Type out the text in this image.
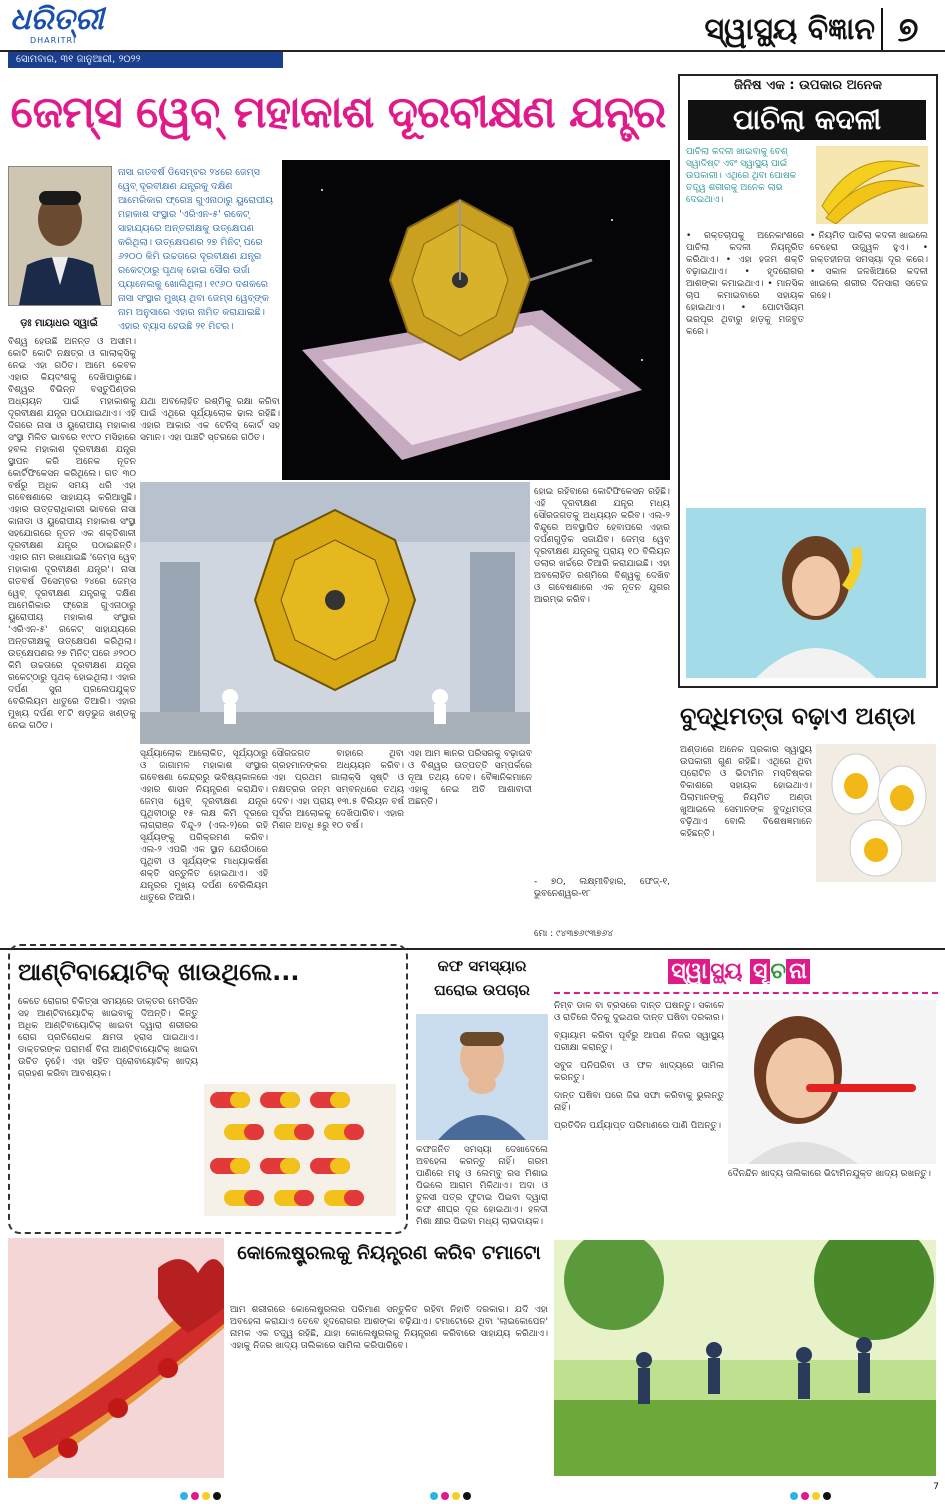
ଧରିତ୍ରୀ
DHARITRI	ସ୍ୱାସ୍ଥ୍ୟ ବିଜ୍ଞାନ ୭
ସୋମବାର, ୩୧ ଜାନୁଆରୀ, ୨୦୨୨
ଜେମ୍ସ ୱେବ୍ ମହାକାଶ ଦୂରବୀକ୍ଷଣ ଯନ୍ତ୍ର
ଡ଼ଃ ମାୟାଧର ସ୍ୱାଇଁ
ନାସା ଗତବର୍ଷ ଡିସେମ୍ବର ୨୪ରେ ଜେମ୍ସ ୱେବ୍ ଦୂରବୀକ୍ଷଣ ଯନ୍ତ୍ରକୁ ଦକ୍ଷିଣ ଆମେରିକାର ଫ୍ରେଞ୍ଚ ଗୁଏନାଠାରୁ ୟୁରୋପୀୟ ମହାକାଶ ସଂସ୍ଥାର 'ଏରିଏନ-୫' ରକେଟ୍ ସାହାଯ୍ୟରେ ଅନ୍ତରୀକ୍ଷକୁ ଉତ୍କ୍ଷେପଣ କରିଥିଲା। ଉତ୍କ୍ଷେପଣର ୨୭ ମିନିଟ୍ ପରେ ୬୨୦୦ କିମି ଉଚ୍ଚତାରେ ଦୂରବୀକ୍ଷଣ ଯନ୍ତ୍ର ରକେଟ୍‌ଠାରୁ ପୃଥକ୍ ହୋଇ ସୌର ଉର୍ଜା ପ୍ୟାନେଲକୁ ଖୋଲିଥିଲା। ୧୯୬୦ ଦଶକରେ ନାସା ସଂସ୍ଥାର ମୁଖ୍ୟ ଥିବା ଜେମ୍ସ ୱେବ୍‌ଙ୍କ ନାମ ଅନୁସାରେ ଏହାର ନାମିତ କରାଯାଇଛି। ଏହାର ବ୍ୟାସ ହେଉଛି ୨୧ ମିଟର।
ବିଶ୍ୱ ହେଉଛି ଅନନ୍ତ ଓ ଅସୀମ। କୋଟି କୋଟି ନକ୍ଷତ୍ର ଓ ଗାଲାକ୍ସିକୁ ନେଇ ଏହା ଗଠିତ। ଆମେ କେବଳ ଏହାର କିୟଦଂଶକୁ ଦେଖିପାରୁଛେ। ବିଶ୍ୱର ବିଭିନ୍ନ ବସ୍ତୁପିଣ୍ଡର ଅଧ୍ୟୟନ ପାଇଁ ମହାକାଶକୁ ଦୂରବୀକ୍ଷଣ ଯନ୍ତ୍ର ପଠାଯାଇଥାଏ। ଏହି ଦିଗରେ ନାସା ଓ ୟୁରୋପୀୟ ମହାକାଶ ସଂସ୍ଥା ମିଳିତ ଭାବରେ ୧୯୯୦ ମସିହାରେ ହବଲ ମହାକାଶ ଦୂରବୀକ୍ଷଣ ଯନ୍ତ୍ର ସ୍ଥାପନ କରି ଅନେକ ନୂତନ କୋର୍ଟିଫିକେସନ କରିଥିଲେ। ଗତ ୩୦ ବର୍ଷରୁ ଅଧିକ ସମୟ ଧରି ଏହା ଗବେଷଣାରେ ସାହାଯ୍ୟ କରିଆସୁଛି। ଏହାର ଉତ୍ତରାଧିକାରୀ ଭାବରେ ନାସା କାନାଡା ଓ ୟୁରୋପୀୟ ମହାକାଶ ସଂସ୍ଥା ସହଯୋଗରେ ନୂତନ ଏକ ଶକ୍ତିଶାଳୀ ଦୂରବୀକ୍ଷଣ ଯନ୍ତ୍ର ପଠାଇଛନ୍ତି। ଏହାର ନାମ ରଖାଯାଇଛି 'ଜେମ୍ସ ୱେବ୍ ମହାକାଶ ଦୂରବୀକ୍ଷଣ ଯନ୍ତ୍ର'। ନାସା ଗତବର୍ଷ ଡିସେମ୍ବର ୨୪ରେ ଜେମ୍ସ ୱେବ୍ ଦୂରବୀକ୍ଷଣ ଯନ୍ତ୍ରକୁ ଦକ୍ଷିଣ ଆମେରିକାର ଫ୍ରେଞ୍ଚ ଗୁଏନାଠାରୁ ୟୁରୋପୀୟ ମହାକାଶ ସଂସ୍ଥାର 'ଏରିଏନ-୫' ରକେଟ୍ ସାହାଯ୍ୟରେ ଅନ୍ତରୀକ୍ଷକୁ ଉତ୍କ୍ଷେପଣ କରିଥିଲା। ଉତ୍କ୍ଷେପଣର ୨୭ ମିନିଟ୍ ପରେ ୬୨୦୦ କିମି ଉଚ୍ଚତାରେ ଦୂରବୀକ୍ଷଣ ଯନ୍ତ୍ର ରକେଟ୍‌ଠାରୁ ପୃଥକ୍ ହୋଇଥିଲା। ଏହାର ଦର୍ପଣ ସୁନା ପ୍ରଲେପଯୁକ୍ତ ବେରିଲିୟମ ଧାତୁରେ ତିଆରି। ଏହାର ମୁଖ୍ୟ ଦର୍ପଣ ୧୮ଟି ଷଡ଼ଭୁଜ ଖଣ୍ଡକୁ ନେଇ ଗଠିତ।
ଯଥା ଅବଲୋହିତ ରଶ୍ମିକୁ ରକ୍ଷା କରିବା ପାଇଁ ଏଥିରେ ସୂର୍ଯ୍ୟାଲୋକ ଢାଲ ରହିଛି। ଏହାର ଆକାର ଏକ ଟେନିସ୍ କୋର୍ଟ ସହ ସମାନ। ଏହା ପାଞ୍ଚଟି ସ୍ତରରେ ଗଠିତ।
ସୂର୍ଯ୍ୟାଲୋକ ଆଲୋକିତ, ସୂର୍ଯ୍ୟଠାରୁ ଓ ଜାଗାମଳ ମହାକାଶ ସଂସ୍ଥାର ଗବେଷଣା କେନ୍ଦ୍ରରୁ ଭବିଷ୍ୟକାଳରେ ଏହାର ଶାସନ ନିୟନ୍ତ୍ରଣ କରାଯିବ। ଜେମ୍ସ ୱେବ୍ ଦୂରବୀକ୍ଷଣ ଯନ୍ତ୍ର ପୃଥିବୀଠାରୁ ୧୫ ଲକ୍ଷ କିମି ଦୂରରେ ଲାଗ୍ରାଞ୍ଜ ବିନ୍ଦୁ-୨ (ଏଲ-୨)ରେ ରହି ସୂର୍ଯ୍ୟଙ୍କୁ ପରିକ୍ରମଣ କରିବ। ଏଲ-୨ ଏପରି ଏକ ସ୍ଥାନ ଯେଉଁଠାରେ ପୃଥିବୀ ଓ ସୂର୍ଯ୍ୟଙ୍କ ମାଧ୍ୟାକର୍ଷଣ ଶକ୍ତି ସନ୍ତୁଳିତ ହୋଇଥାଏ। ଏହି ଯନ୍ତ୍ରର ମୁଖ୍ୟ ଦର୍ପଣ ବେରିଲିୟମ ଧାତୁରେ ତିଆରି।
ସୌରଜଗତ ବାହାରେ ଥିବା ଗ୍ରହମାନଙ୍କର ଅଧ୍ୟୟନ କରିବ। ଏହା ପ୍ରଥମ ଗାଲାକ୍ସି ସୃଷ୍ଟି ଓ ନକ୍ଷତ୍ରର ଜନ୍ମ ସମ୍ବନ୍ଧରେ ତଥ୍ୟ ଦେବ। ଏହା ପ୍ରାୟ ୧୩.୫ ବିଲିୟନ ବର୍ଷ ପୂର୍ବର ଆଲୋକକୁ ଦେଖିପାରିବ। ଏହାର ମିଶନ ଅବଧି ୫ରୁ ୧୦ ବର୍ଷ।
ଏହା ଆମ ଜ୍ଞାନର ପରିସରକୁ ବଢ଼ାଇବ ଓ ବିଶ୍ୱର ଉତ୍ପତ୍ତି ସମ୍ପର୍କରେ ନୂଆ ତଥ୍ୟ ଦେବ। ବୈଜ୍ଞାନିକମାନେ ଏହାକୁ ନେଇ ଅତି ଆଶାବାଦୀ ଅଛନ୍ତି।
ହୋଇ ରହିବାରେ କୋଟିଫିକେସନ ରହିଛି। ଏହି ଦୂରବୀକ୍ଷଣ ଯନ୍ତ୍ର ମଧ୍ୟ ସୌରଜଗତକୁ ଅଧ୍ୟୟନ କରିବ। ଏଲ-୨ ବିନ୍ଦୁରେ ଅବସ୍ଥାପିତ ହେବାପରେ ଏହାର ଦର୍ପଣଗୁଡ଼ିକ ସଜାଯିବ। ଜେମ୍ସ ୱେବ୍ ଦୂରବୀକ୍ଷଣ ଯନ୍ତ୍ରକୁ ପ୍ରାୟ ୧୦ ବିଲିୟନ ଡଲାର ଖର୍ଚ୍ଚରେ ତିଆରି କରାଯାଇଛି। ଏହା ଅବଲୋହିତ ରଶ୍ମିରେ ବିଶ୍ୱକୁ ଦେଖିବ ଓ ଗବେଷଣାରେ ଏକ ନୂତନ ଯୁଗର ଆରମ୍ଭ କରିବ।
- ୭୦, ଲକ୍ଷ୍ମୀବିହାର, ଫେଜ୍-୧, ଭୁବନେଶ୍ୱର-୧୮
ମୋ : ୯୪୩୭୬୯୩୭୬୪
ଜିନିଷ ଏକ : ଉପକାର ଅନେକ
ପାଚିଲା କଦଳୀ
ପାଚିଲା କଦଳୀ ଖାଇବାକୁ ବେଶ୍ ସ୍ୱାଦିଷ୍ଟ ଏବଂ ସ୍ୱାସ୍ଥ୍ୟ ପାଇଁ ଉପକାରୀ। ଏଥିରେ ଥିବା ପୋଷକ ତତ୍ତ୍ୱ ଶରୀରକୁ ଅନେକ ଲାଭ ଦେଇଥାଏ।
• ରକ୍ତଚାପକୁ ଅନେକାଂଶରେ ପାଚିଲା କଦଳୀ ନିୟନ୍ତ୍ରିତ କରିଥାଏ। • ଏହା ହଜମ ଶକ୍ତି ବଢ଼ାଇଥାଏ। • ହୃଦରୋଗର ଆଶଙ୍କା କମାଇଥାଏ। • ମାନସିକ ଚାପ କମାଇବାରେ ସହାୟକ ହୋଇଥାଏ। • ପୋଟାସିୟମ ଭରପୂର ଥିବାରୁ ହାଡ଼କୁ ମଜବୁତ କରେ।
• ନିୟମିତ ପାଚିଲା କଦଳୀ ଖାଇଲେ ଚେହେରା ଉଜ୍ଜ୍ୱଳ ହୁଏ। • ରକ୍ତହୀନତା ସମସ୍ୟା ଦୂର କରେ। • ସକାଳ ଜଳଖିଆରେ କଦଳୀ ଖାଇଲେ ଶରୀର ଦିନସାରା ସତେଜ ରହେ।
ବୁଦ୍ଧିମତ୍ତା ବଢ଼ାଏ ଅଣ୍ଡା
ଅଣ୍ଡାରେ ଅନେକ ପ୍ରକାର ସ୍ୱାସ୍ଥ୍ୟ ଉପକାରୀ ଗୁଣ ରହିଛି। ଏଥିରେ ଥିବା ପ୍ରୋଟିନ ଓ ଭିଟାମିନ ମସ୍ତିଷ୍କର ବିକାଶରେ ସହାୟକ ହୋଇଥାଏ। ପିଲାମାନଙ୍କୁ ନିୟମିତ ଅଣ୍ଡା ଖୁଆଇଲେ ସେମାନଙ୍କ ବୁଦ୍ଧିମତ୍ତା ବଢ଼ିଥାଏ ବୋଲି ବିଶେଷଜ୍ଞମାନେ କହିଛନ୍ତି।
ଆଣ୍ଟିବାୟୋଟିକ୍ ଖାଉଥିଲେ...
କେତେ ରୋଗର ଚିକିତ୍ସା ସମୟରେ ଡାକ୍ତର ମେଡିସିନ ସହ ଆଣ୍ଟିବାୟୋଟିକ୍ ଖାଇବାକୁ ଦିଅନ୍ତି। କିନ୍ତୁ ଅଧିକ ଆଣ୍ଟିବାୟୋଟିକ୍ ଖାଇବା ଦ୍ୱାରା ଶରୀରର ରୋଗ ପ୍ରତିରୋଧକ କ୍ଷମତା ହ୍ରାସ ପାଇଥାଏ। ଡାକ୍ତରଙ୍କ ପରାମର୍ଶ ବିନା ଆଣ୍ଟିବାୟୋଟିକ୍ ଖାଇବା ଉଚିତ ନୁହେଁ। ଏହା ସହିତ ପ୍ରୋବାୟୋଟିକ୍ ଖାଦ୍ୟ ଗ୍ରହଣ କରିବା ଆବଶ୍ୟକ।
କୋଲେଷ୍ଟ୍ରଲକୁ ନିୟନ୍ତ୍ରଣ କରିବ ଟମାଟୋ
ଆମ ଶରୀରରେ କୋଲେଷ୍ଟ୍ରଲର ପରିମାଣ ସନ୍ତୁଳିତ ରହିବା ନିହାତି ଦରକାର। ଯଦି ଏହା ଅବହେଳା କରାଯାଏ ତେବେ ହୃଦରୋଗର ଆଶଙ୍କା ବଢ଼ିଯାଏ। ଟମାଟୋରେ ଥିବା 'ଲାଇକୋପେନ' ନାମକ ଏକ ତତ୍ତ୍ୱ ରହିଛି, ଯାହା କୋଲେଷ୍ଟ୍ରଲକୁ ନିୟନ୍ତ୍ରଣ କରିବାରେ ସାହାଯ୍ୟ କରିଥାଏ। ଏହାକୁ ନିଜର ଖାଦ୍ୟ ତାଲିକାରେ ସାମିଲ କରିପାରିବେ।
କଫ ସମସ୍ୟାର ଘରୋଇ ଉପଚାର
କଫଜନିତ ସମସ୍ୟା ଦେଖାଦେଲେ ଅବହେଳା କରନ୍ତୁ ନାହିଁ। ଗରମ ପାଣିରେ ମହୁ ଓ ଲେମ୍ବୁ ରସ ମିଶାଇ ପିଇଲେ ଆରାମ ମିଳିଥାଏ। ଅଦା ଓ ତୁଳସୀ ପତ୍ର ଫୁଟାଇ ପିଇବା ଦ୍ୱାରା କଫ ଶୀଘ୍ର ଦୂର ହୋଇଥାଏ। ହଳଦୀ ମିଶା କ୍ଷୀର ପିଇବା ମଧ୍ୟ ଲାଭଦାୟକ।
ସ୍ୱା ସ୍ଥ୍ୟ ସୂ ଚ ନା
ନିମ୍ବ ଡାଳ ବା ବ୍ରସରେ ଦାନ୍ତ ଘଷନ୍ତୁ। ସକାଳେ ଓ ରାତିରେ ଦିନକୁ ଦୁଇଥର ଦାନ୍ତ ଘଷିବା ଦରକାର।
ବ୍ୟାୟାମ କରିବା ପୂର୍ବରୁ ଆପଣ ନିଜର ସ୍ୱାସ୍ଥ୍ୟ ପରୀକ୍ଷା କରାନ୍ତୁ।
ସବୁଜ ପନିପରିବା ଓ ଫଳ ଖାଦ୍ୟରେ ସାମିଲ କରନ୍ତୁ।
ଦାନ୍ତ ଘଷିବା ପରେ ଜିଭ ସଫା କରିବାକୁ ଭୁଲନ୍ତୁ ନାହିଁ।
ପ୍ରତିଦିନ ପର୍ଯ୍ୟାପ୍ତ ପରିମାଣରେ ପାଣି ପିଅନ୍ତୁ।
ଦୈନନ୍ଦିନ ଖାଦ୍ୟ ତାଲିକାରେ ଭିଟାମିନଯୁକ୍ତ ଖାଦ୍ୟ ରଖନ୍ତୁ।
7
